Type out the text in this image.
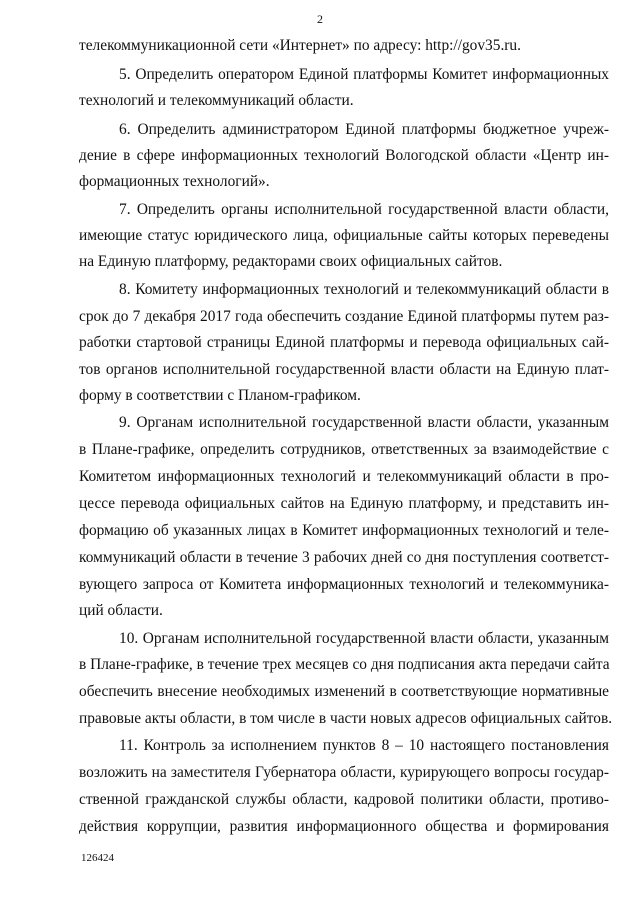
2
телекоммуникационной сети «Интернет» по адресу: http://gov35.ru.
5. Определить оператором Единой платформы Комитет информационных
технологий и телекоммуникаций области.
6. Определить администратором Единой платформы бюджетное учреж-
дение в сфере информационных технологий Вологодской области «Центр ин-
формационных технологий».
7. Определить органы исполнительной государственной власти области,
имеющие статус юридического лица, официальные сайты которых переведены
на Единую платформу, редакторами своих официальных сайтов.
8. Комитету информационных технологий и телекоммуникаций области в
срок до 7 декабря 2017 года обеспечить создание Единой платформы путем раз-
работки стартовой страницы Единой платформы и перевода официальных сай-
тов органов исполнительной государственной власти области на Единую плат-
форму в соответствии с Планом-графиком.
9. Органам исполнительной государственной власти области, указанным
в Плане-графике, определить сотрудников, ответственных за взаимодействие с
Комитетом информационных технологий и телекоммуникаций области в про-
цессе перевода официальных сайтов на Единую платформу, и представить ин-
формацию об указанных лицах в Комитет информационных технологий и теле-
коммуникаций области в течение 3 рабочих дней со дня поступления соответст-
вующего запроса от Комитета информационных технологий и телекоммуника-
ций области.
10. Органам исполнительной государственной власти области, указанным
в Плане-графике, в течение трех месяцев со дня подписания акта передачи сайта
обеспечить внесение необходимых изменений в соответствующие нормативные
правовые акты области, в том числе в части новых адресов официальных сайтов.
11. Контроль за исполнением пунктов 8 – 10 настоящего постановления
возложить на заместителя Губернатора области, курирующего вопросы государ-
ственной гражданской службы области, кадровой политики области, противо-
действия коррупции, развития информационного общества и формирования
126424
